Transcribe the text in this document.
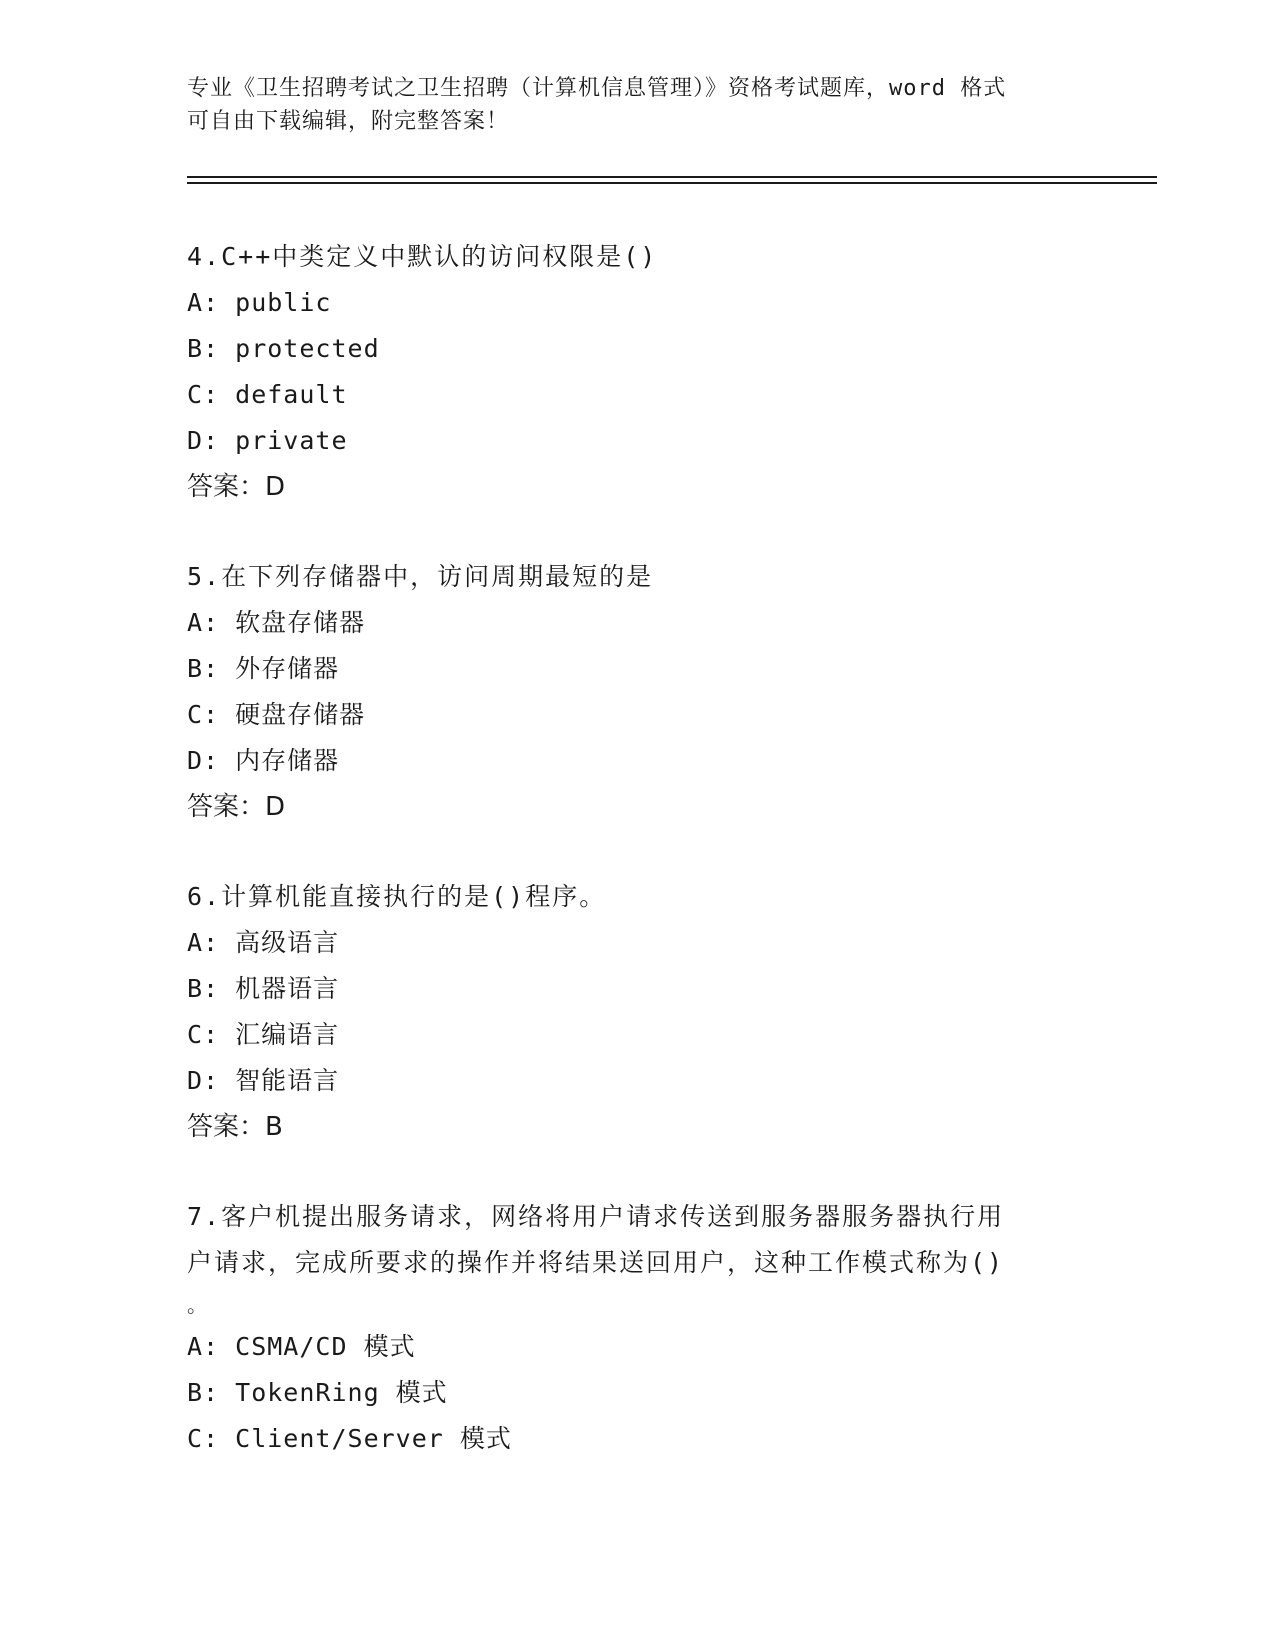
专业《卫生招聘考试之卫生招聘（计算机信息管理）》资格考试题库，word 格式
可自由下载编辑，附完整答案！

4.C++中类定义中默认的访问权限是()

A: public

B: protected

C: default

D: private

答案：D

5.在下列存储器中，访问周期最短的是

A: 软盘存储器

B: 外存储器

C: 硬盘存储器

D: 内存储器

答案：D

6.计算机能直接执行的是()程序。

A: 高级语言

B: 机器语言

C: 汇编语言

D: 智能语言

答案：B

7.客户机提出服务请求，网络将用户请求传送到服务器服务器执行用

户请求，完成所要求的操作并将结果送回用户，这种工作模式称为()

。

A: CSMA/CD 模式

B: TokenRing 模式

C: Client/Server 模式
